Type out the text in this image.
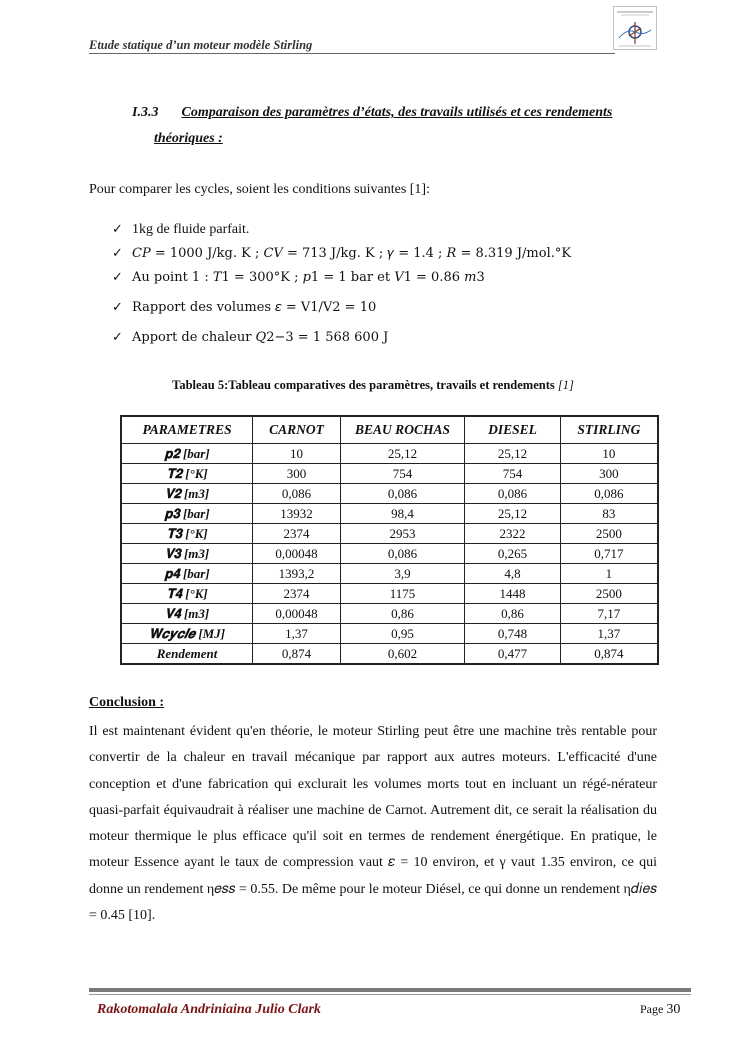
Etude statique d’un moteur modèle Stirling
I.3.3 Comparaison des paramètres d’états, des travails utilisés et ces rendements
théoriques :
Pour comparer les cycles, soient les conditions suivantes [1]:
✓ 1kg de fluide parfait.
✓ 𝐶𝑃 = 1000 J/kg. K ; 𝐶𝑉 = 713 J/kg. K ; 𝛾 = 1.4 ; 𝑅 = 8.319 J/mol.°K
✓ Au point 1 : 𝑇1 = 300°K ; 𝑝1 = 1 bar et 𝑉1 = 0.86 𝑚3
✓ Rapport des volumes 𝜀 = V1/V2 = 10
✓ Apport de chaleur 𝑄2−3 = 1 568 600 J
Tableau 5:Tableau comparatives des paramètres, travails et rendements [1]
PARAMETRES	CARNOT	BEAU ROCHAS	DIESEL	STIRLING
𝐩𝟐 [bar]	10	25,12	25,12	10
𝐓𝟐 [°K]	300	754	754	300
𝐕𝟐 [m3]	0,086	0,086	0,086	0,086
𝐩𝟑 [bar]	13932	98,4	25,12	83
𝐓𝟑 [°K]	2374	2953	2322	2500
𝐕𝟑 [m3]	0,00048	0,086	0,265	0,717
𝐩𝟒 [bar]	1393,2	3,9	4,8	1
𝐓𝟒 [°K]	2374	1175	1448	2500
𝐕𝟒 [m3]	0,00048	0,86	0,86	7,17
𝐖𝒄𝒚𝒄𝒍𝒆 [MJ]	1,37	0,95	0,748	1,37
Rendement	0,874	0,602	0,477	0,874
Conclusion :
Il est maintenant évident qu'en théorie, le moteur Stirling peut être une machine très rentable pour convertir de la chaleur en travail mécanique par rapport aux autres moteurs. L'efficacité d'une conception et d'une fabrication qui exclurait les volumes morts tout en incluant un régé-nérateur quasi-parfait équivaudrait à réaliser une machine de Carnot. Autrement dit, ce serait la réalisation du moteur thermique le plus efficace qu'il soit en termes de rendement énergétique. En pratique, le moteur Essence ayant le taux de compression vaut 𝜀 = 10 environ, et γ vaut 1.35 environ, ce qui donne un rendement η𝑒𝑠𝑠 = 0.55. De même pour le moteur Diésel, ce qui donne un rendement η𝑑𝑖𝑒𝑠 = 0.45 [10].
Rakotomalala Andriniaina Julio Clark	Page 30
